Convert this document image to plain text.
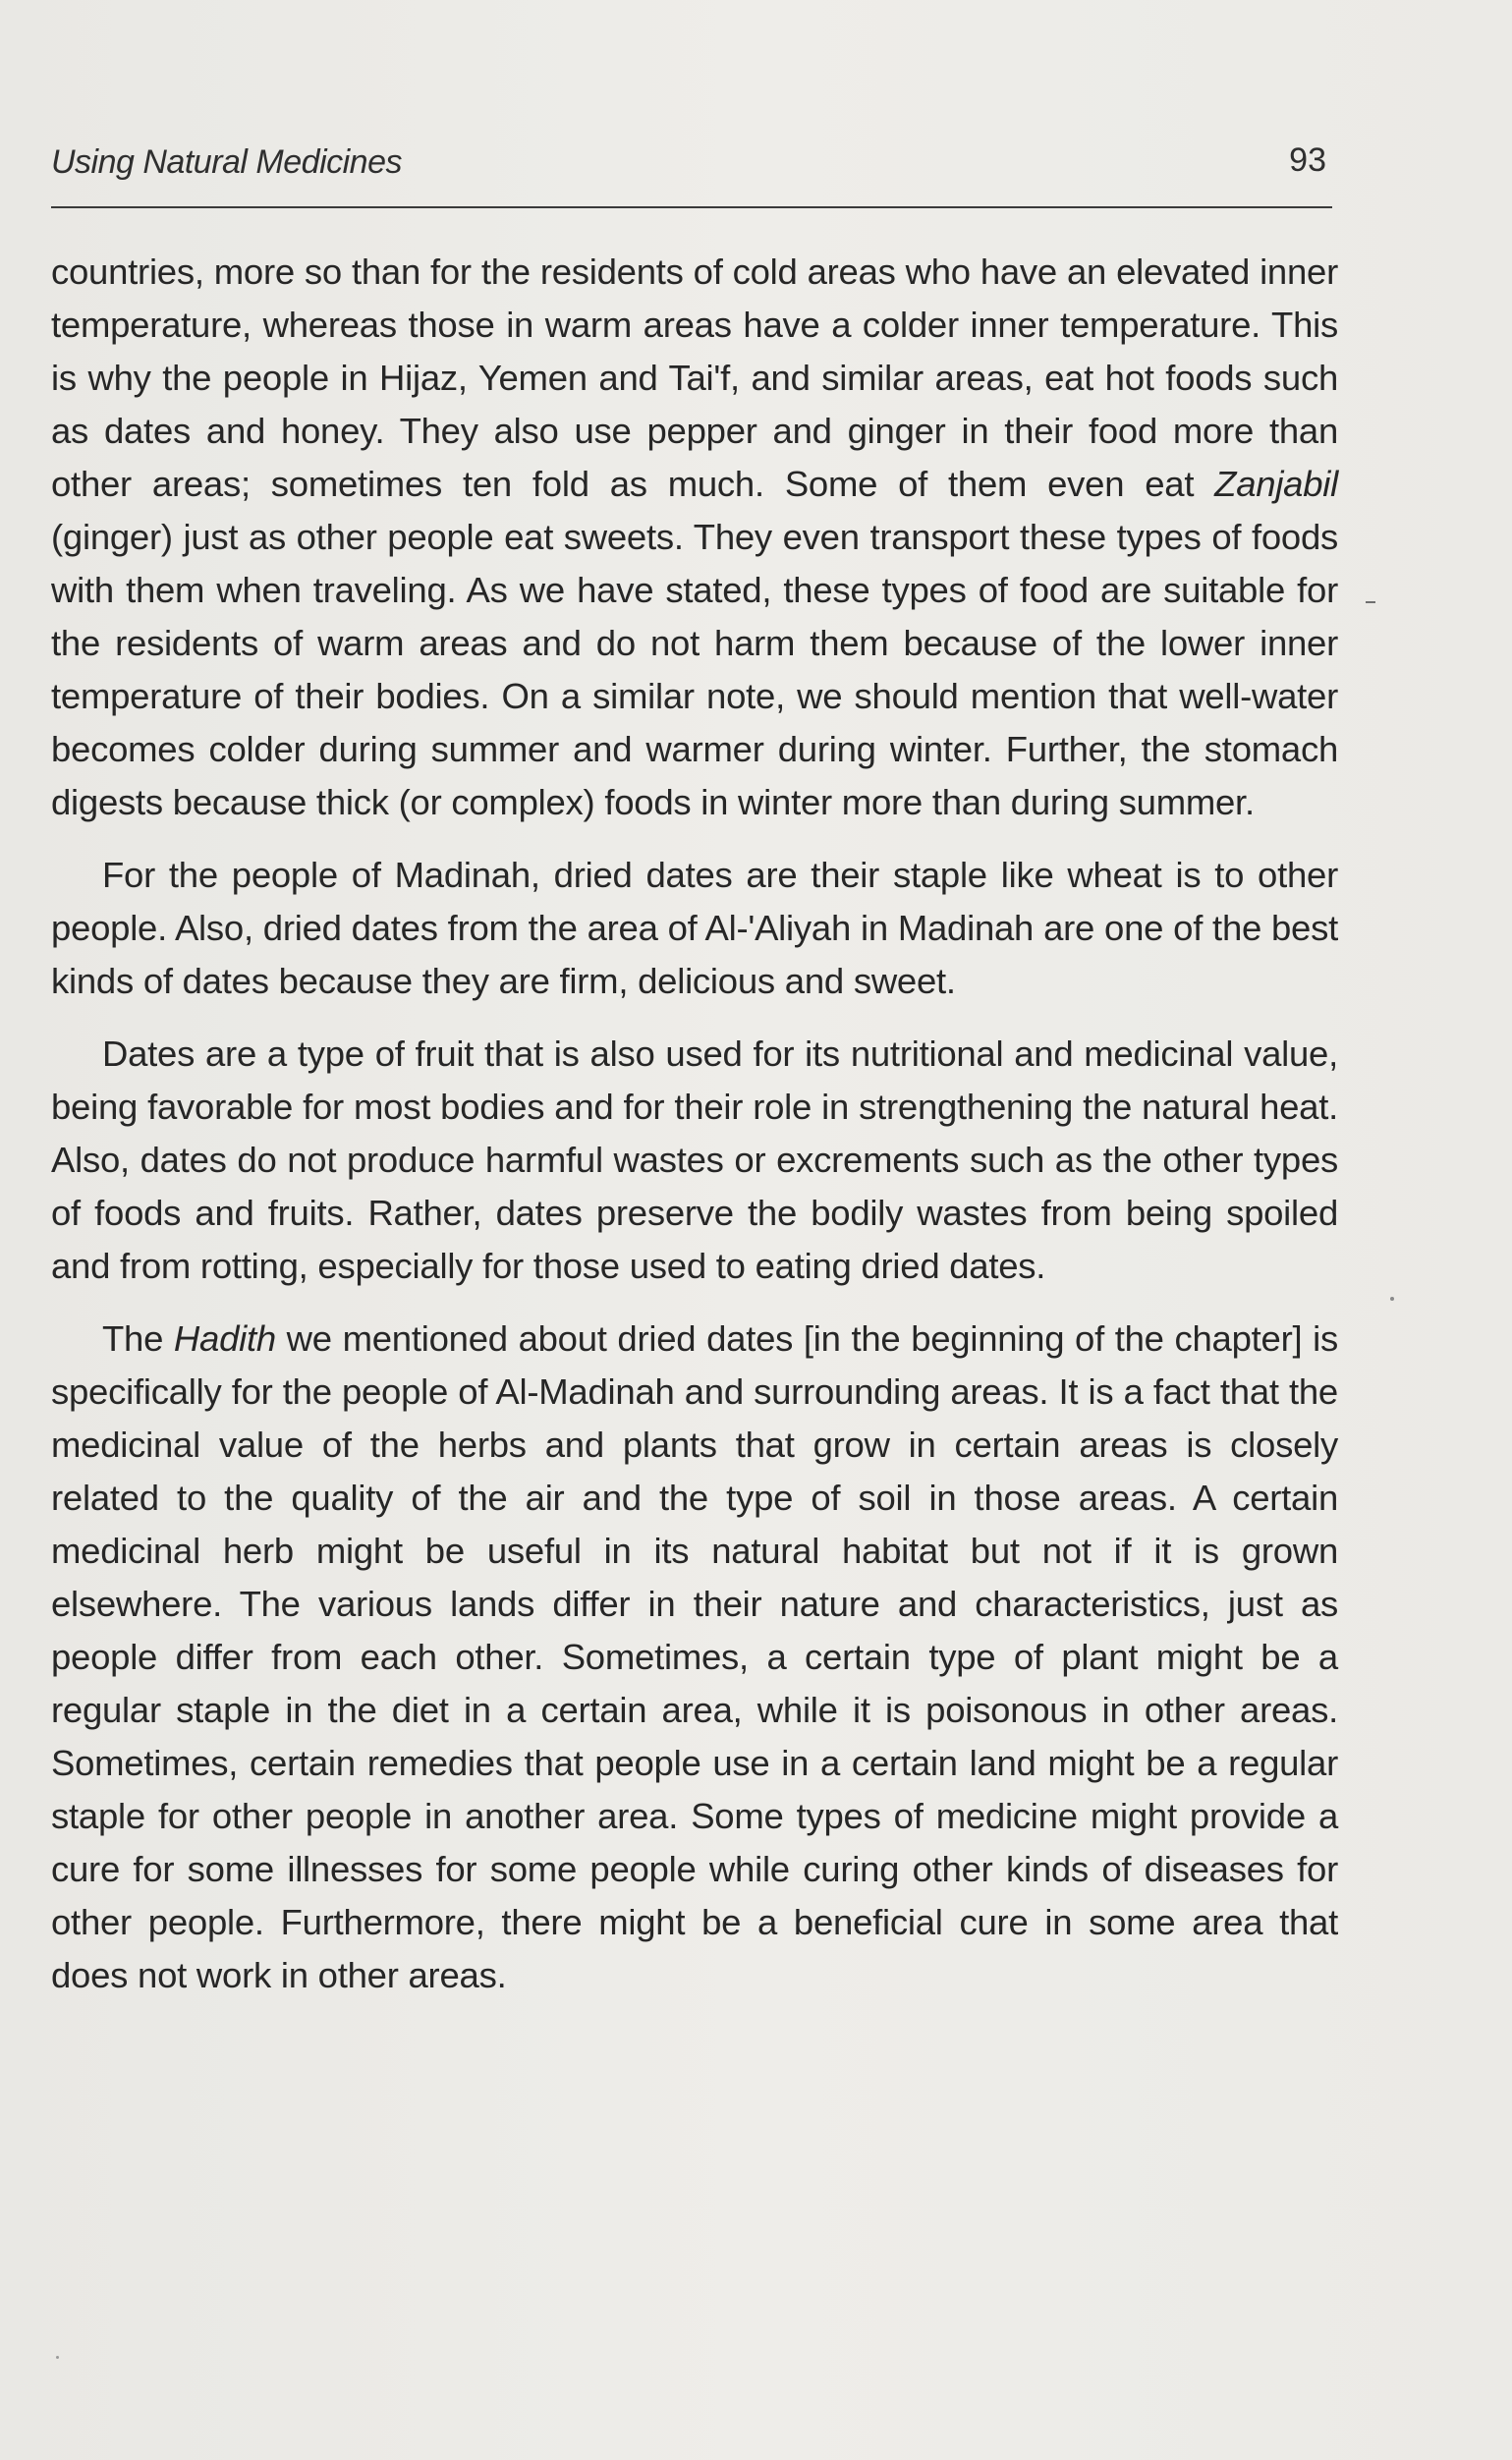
Using Natural Medicines	93

countries, more so than for the residents of cold areas who have an elevated inner temperature, whereas those in warm areas have a colder inner temperature. This is why the people in Hijaz, Yemen and Tai'f, and similar areas, eat hot foods such as dates and honey. They also use pepper and ginger in their food more than other areas; sometimes ten fold as much. Some of them even eat Zanjabil (ginger) just as other people eat sweets. They even transport these types of foods with them when traveling. As we have stated, these types of food are suitable for the residents of warm areas and do not harm them because of the lower inner temperature of their bodies. On a similar note, we should mention that well-water becomes colder during summer and warmer during winter. Further, the stomach digests because thick (or complex) foods in winter more than during summer.

For the people of Madinah, dried dates are their staple like wheat is to other people. Also, dried dates from the area of Al-'Aliyah in Madinah are one of the best kinds of dates because they are firm, delicious and sweet.

Dates are a type of fruit that is also used for its nutritional and medicinal value, being favorable for most bodies and for their role in strengthening the natural heat. Also, dates do not produce harmful wastes or excrements such as the other types of foods and fruits. Rather, dates preserve the bodily wastes from being spoiled and from rotting, especially for those used to eating dried dates.

The Hadith we mentioned about dried dates [in the beginning of the chapter] is specifically for the people of Al-Madinah and surrounding areas. It is a fact that the medicinal value of the herbs and plants that grow in certain areas is closely related to the quality of the air and the type of soil in those areas. A certain medicinal herb might be useful in its natural habitat but not if it is grown elsewhere. The various lands differ in their nature and characteristics, just as people differ from each other. Sometimes, a certain type of plant might be a regular staple in the diet in a certain area, while it is poisonous in other areas. Sometimes, certain remedies that people use in a certain land might be a regular staple for other people in another area. Some types of medicine might provide a cure for some illnesses for some people while curing other kinds of diseases for other people. Furthermore, there might be a beneficial cure in some area that does not work in other areas.
